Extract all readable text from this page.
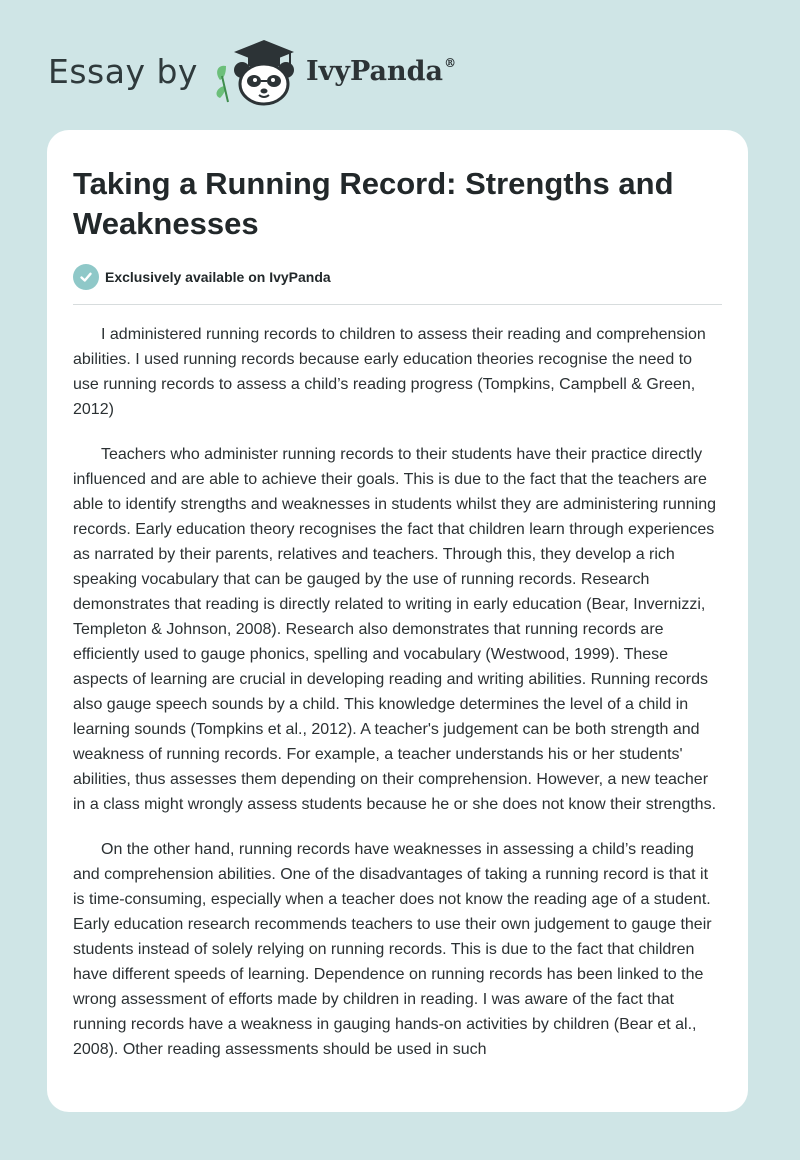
Essay by	IvyPanda ®
Taking a Running Record: Strengths and Weaknesses
Exclusively available on IvyPanda

I administered running records to children to assess their reading and comprehension abilities. I used running records because early education theories recognise the need to use running records to assess a child’s reading progress (Tompkins, Campbell & Green, 2012)

Teachers who administer running records to their students have their practice directly influenced and are able to achieve their goals. This is due to the fact that the teachers are able to identify strengths and weaknesses in students whilst they are administering running records. Early education theory recognises the fact that children learn through experiences as narrated by their parents, relatives and teachers. Through this, they develop a rich speaking vocabulary that can be gauged by the use of running records. Research demonstrates that reading is directly related to writing in early education (Bear, Invernizzi, Templeton & Johnson, 2008). Research also demonstrates that running records are efficiently used to gauge phonics, spelling and vocabulary (Westwood, 1999). These aspects of learning are crucial in developing reading and writing abilities. Running records also gauge speech sounds by a child. This knowledge determines the level of a child in learning sounds (Tompkins et al., 2012). A teacher's judgement can be both strength and weakness of running records. For example, a teacher understands his or her students' abilities, thus assesses them depending on their comprehension. However, a new teacher in a class might wrongly assess students because he or she does not know their strengths.

On the other hand, running records have weaknesses in assessing a child’s reading and comprehension abilities. One of the disadvantages of taking a running record is that it is time-consuming, especially when a teacher does not know the reading age of a student. Early education research recommends teachers to use their own judgement to gauge their students instead of solely relying on running records. This is due to the fact that children have different speeds of learning. Dependence on running records has been linked to the wrong assessment of efforts made by children in reading. I was aware of the fact that running records have a weakness in gauging hands-on activities by children (Bear et al., 2008). Other reading assessments should be used in such
